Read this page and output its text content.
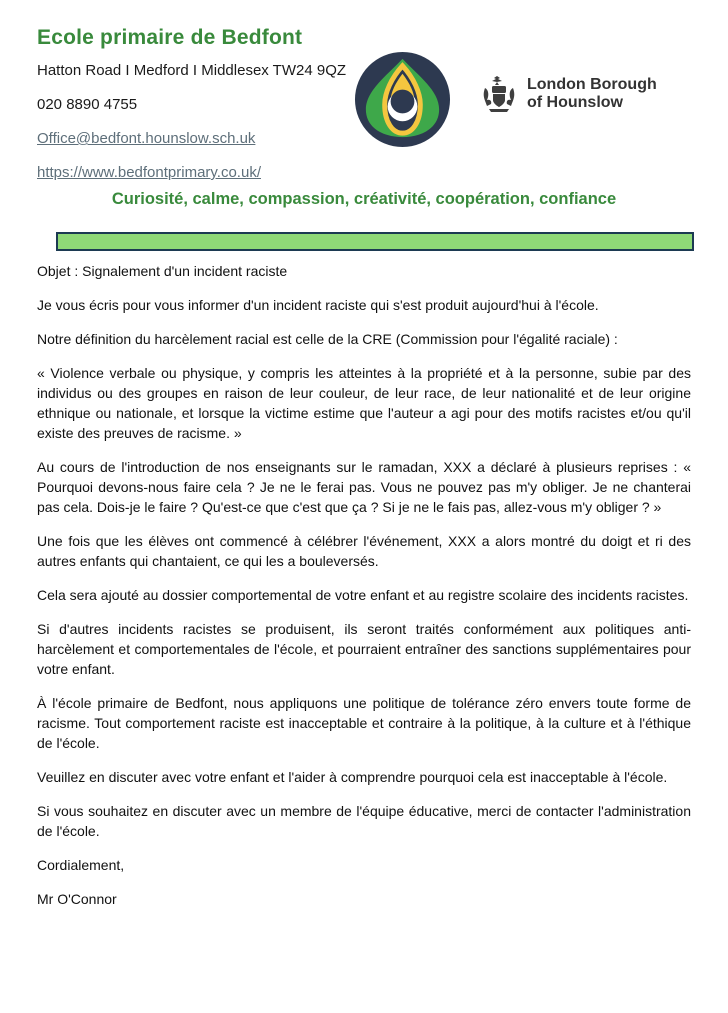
Ecole primaire de Bedfont
Hatton Road I Medford I Middlesex TW24 9QZ
020 8890 4755
Office@bedfont.hounslow.sch.uk
https://www.bedfontprimary.co.uk/
London Borough
of Hounslow
Curiosité, calme, compassion, créativité, coopération, confiance

Objet : Signalement d'un incident raciste

Je vous écris pour vous informer d'un incident raciste qui s'est produit aujourd'hui à l'école.

Notre définition du harcèlement racial est celle de la CRE (Commission pour l'égalité raciale) :

« Violence verbale ou physique, y compris les atteintes à la propriété et à la personne, subie par des individus ou des groupes en raison de leur couleur, de leur race, de leur nationalité et de leur origine ethnique ou nationale, et lorsque la victime estime que l'auteur a agi pour des motifs racistes et/ou qu'il existe des preuves de racisme. »

Au cours de l'introduction de nos enseignants sur le ramadan, XXX a déclaré à plusieurs reprises : « Pourquoi devons-nous faire cela ? Je ne le ferai pas. Vous ne pouvez pas m'y obliger. Je ne chanterai pas cela. Dois-je le faire ? Qu'est-ce que c'est que ça ? Si je ne le fais pas, allez-vous m'y obliger ? »

Une fois que les élèves ont commencé à célébrer l'événement, XXX a alors montré du doigt et ri des autres enfants qui chantaient, ce qui les a bouleversés.

Cela sera ajouté au dossier comportemental de votre enfant et au registre scolaire des incidents racistes.

Si d'autres incidents racistes se produisent, ils seront traités conformément aux politiques anti-harcèlement et comportementales de l'école, et pourraient entraîner des sanctions supplémentaires pour votre enfant.

À l'école primaire de Bedfont, nous appliquons une politique de tolérance zéro envers toute forme de racisme. Tout comportement raciste est inacceptable et contraire à la politique, à la culture et à l'éthique de l'école.

Veuillez en discuter avec votre enfant et l'aider à comprendre pourquoi cela est inacceptable à l'école.

Si vous souhaitez en discuter avec un membre de l'équipe éducative, merci de contacter l'administration de l'école.

Cordialement,

Mr O'Connor
